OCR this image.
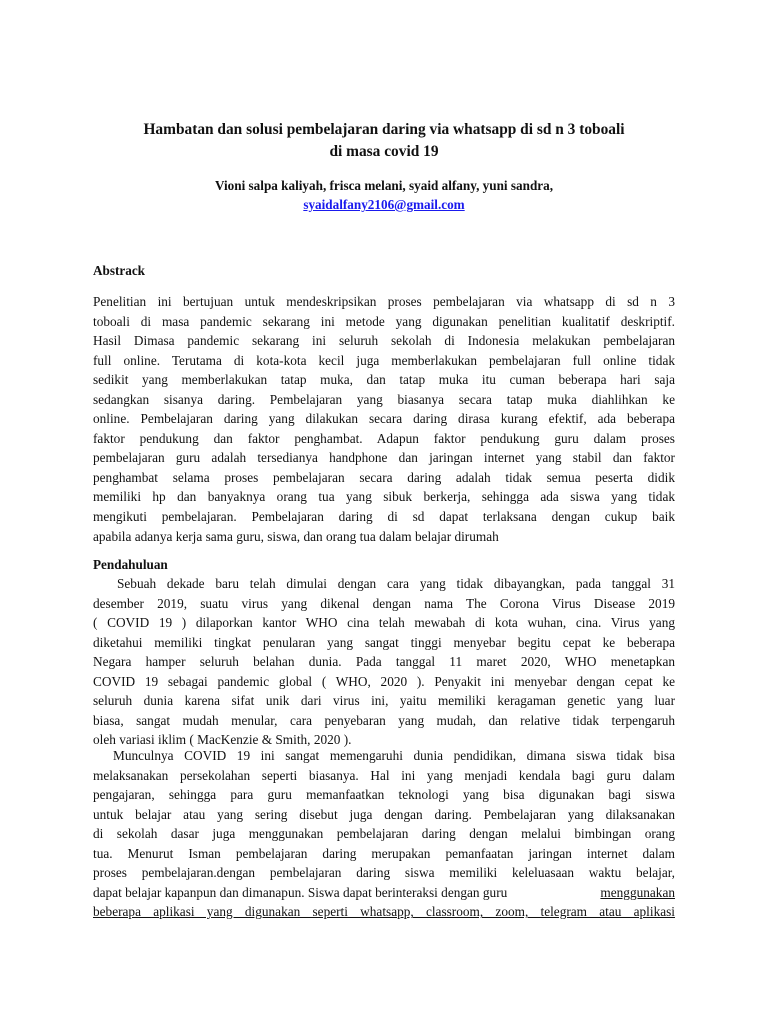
Hambatan dan solusi pembelajaran daring via whatsapp di sd n 3 toboali
di masa covid 19
Vioni salpa kaliyah, frisca melani, syaid alfany, yuni sandra,
syaidalfany2106@gmail.com
Abstrack
Penelitian ini bertujuan untuk mendeskripsikan proses pembelajaran via whatsapp di sd n 3
toboali di masa pandemic sekarang ini metode yang digunakan penelitian kualitatif deskriptif.
Hasil Dimasa pandemic sekarang ini seluruh sekolah di Indonesia melakukan pembelajaran
full online. Terutama di kota-kota kecil juga memberlakukan pembelajaran full online tidak
sedikit yang memberlakukan tatap muka, dan tatap muka itu cuman beberapa hari saja
sedangkan sisanya daring. Pembelajaran yang biasanya secara tatap muka diahlihkan ke
online. Pembelajaran daring yang dilakukan secara daring dirasa kurang efektif, ada beberapa
faktor pendukung dan faktor penghambat. Adapun faktor pendukung guru dalam proses
pembelajaran guru adalah tersedianya handphone dan jaringan internet yang stabil dan faktor
penghambat selama proses pembelajaran secara daring adalah tidak semua peserta didik
memiliki hp dan banyaknya orang tua yang sibuk berkerja, sehingga ada siswa yang tidak
mengikuti pembelajaran. Pembelajaran daring di sd dapat terlaksana dengan cukup baik
apabila adanya kerja sama guru, siswa, dan orang tua dalam belajar dirumah
Pendahuluan
Sebuah dekade baru telah dimulai dengan cara yang tidak dibayangkan, pada tanggal 31
desember 2019, suatu virus yang dikenal dengan nama The Corona Virus Disease 2019
( COVID 19 ) dilaporkan kantor WHO cina telah mewabah di kota wuhan, cina. Virus yang
diketahui memiliki tingkat penularan yang sangat tinggi menyebar begitu cepat ke beberapa
Negara hamper seluruh belahan dunia. Pada tanggal 11 maret 2020, WHO menetapkan
COVID 19 sebagai pandemic global ( WHO, 2020 ). Penyakit ini menyebar dengan cepat ke
seluruh dunia karena sifat unik dari virus ini, yaitu memiliki keragaman genetic yang luar
biasa, sangat mudah menular, cara penyebaran yang mudah, dan relative tidak terpengaruh
oleh variasi iklim ( MacKenzie & Smith, 2020 ).
Munculnya COVID 19 ini sangat memengaruhi dunia pendidikan, dimana siswa tidak bisa
melaksanakan persekolahan seperti biasanya. Hal ini yang menjadi kendala bagi guru dalam
pengajaran, sehingga para guru memanfaatkan teknologi yang bisa digunakan bagi siswa
untuk belajar atau yang sering disebut juga dengan daring. Pembelajaran yang dilaksanakan
di sekolah dasar juga menggunakan pembelajaran daring dengan melalui bimbingan orang
tua. Menurut Isman pembelajaran daring merupakan pemanfaatan jaringan internet dalam
proses pembelajaran.dengan pembelajaran daring siswa memiliki keleluasaan waktu belajar,
dapat belajar kapanpun dan dimanapun. Siswa dapat berinteraksi dengan guru	menggunakan
beberapa aplikasi yang digunakan seperti whatsapp, classroom, zoom, telegram atau aplikasi
